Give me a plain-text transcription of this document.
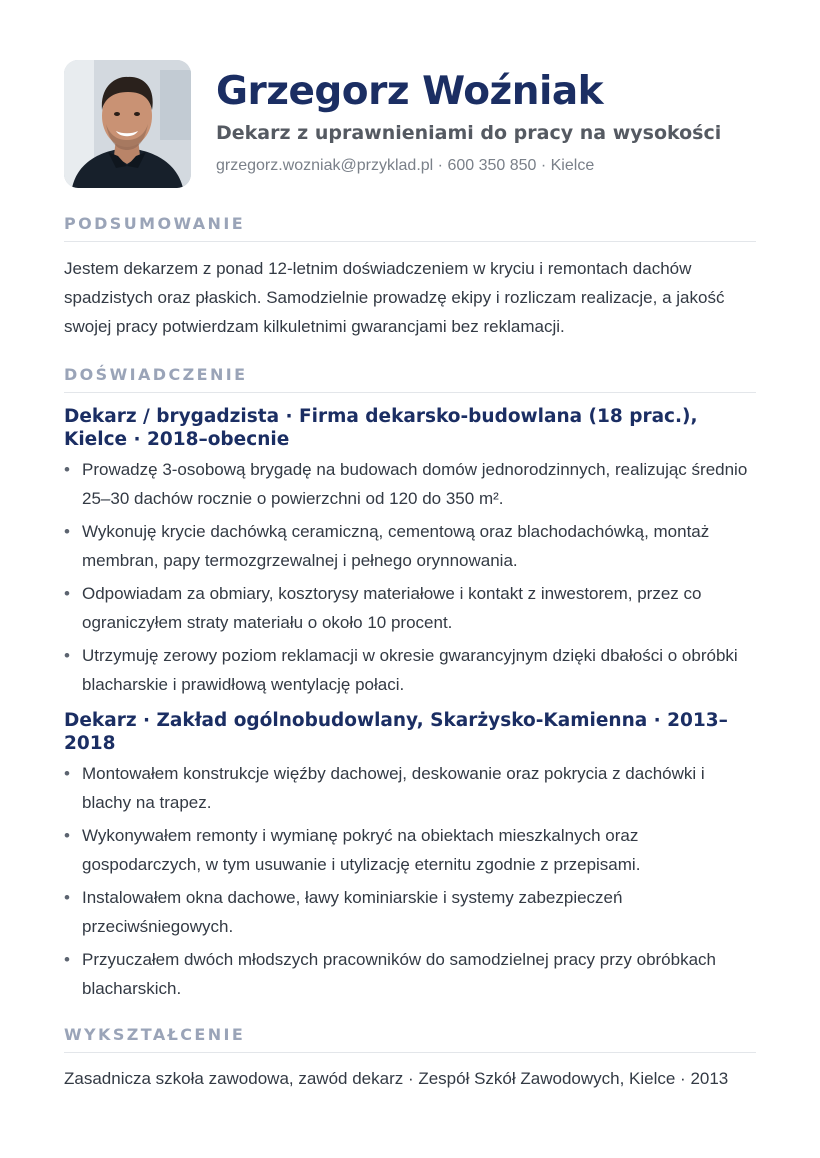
Grzegorz Woźniak
Dekarz z uprawnieniami do pracy na wysokości
grzegorz.wozniak@przyklad.pl · 600 350 850 · Kielce
PODSUMOWANIE

Jestem dekarzem z ponad 12-letnim doświadczeniem w kryciu i remontach dachów spadzistych oraz płaskich. Samodzielnie prowadzę ekipy i rozliczam realizacje, a jakość swojej pracy potwierdzam kilkuletnimi gwarancjami bez reklamacji.

DOŚWIADCZENIE
Dekarz / brygadzista · Firma dekarsko-budowlana (18 prac.), Kielce · 2018–obecnie
• Prowadzę 3-osobową brygadę na budowach domów jednorodzinnych, realizując średnio 25–30 dachów rocznie o powierzchni od 120 do 350 m².
• Wykonuję krycie dachówką ceramiczną, cementową oraz blachodachówką, montaż membran, papy termozgrzewalnej i pełnego orynnowania.
• Odpowiadam za obmiary, kosztorysy materiałowe i kontakt z inwestorem, przez co ograniczyłem straty materiału o około 10 procent.
• Utrzymuję zerowy poziom reklamacji w okresie gwarancyjnym dzięki dbałości o obróbki blacharskie i prawidłową wentylację połaci.
Dekarz · Zakład ogólnobudowlany, Skarżysko-Kamienna · 2013–2018
• Montowałem konstrukcje więźby dachowej, deskowanie oraz pokrycia z dachówki i blachy na trapez.
• Wykonywałem remonty i wymianę pokryć na obiektach mieszkalnych oraz gospodarczych, w tym usuwanie i utylizację eternitu zgodnie z przepisami.
• Instalowałem okna dachowe, ławy kominiarskie i systemy zabezpieczeń przeciwśniegowych.
• Przyuczałem dwóch młodszych pracowników do samodzielnej pracy przy obróbkach blacharskich.
WYKSZTAŁCENIE

Zasadnicza szkoła zawodowa, zawód dekarz · Zespół Szkół Zawodowych, Kielce · 2013
